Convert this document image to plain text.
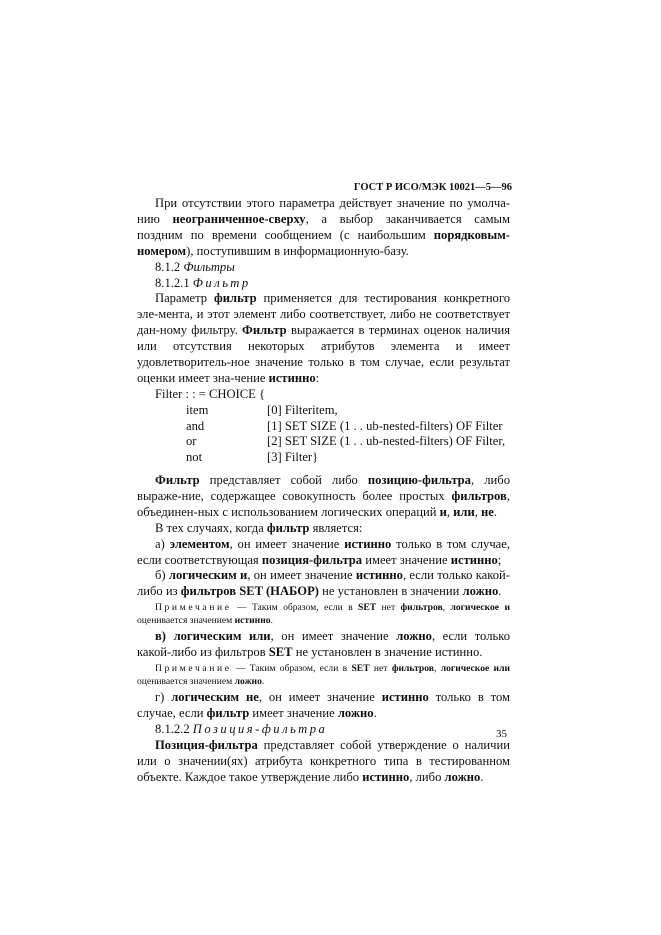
ГОСТ Р ИСО/МЭК 10021—5—96

При отсутствии этого параметра действует значение по умолча-нию неограниченное-сверху, а выбор заканчивается самым поздним по времени сообщением (с наибольшим порядковым-номером), поступившим в информационную-базу.

8.1.2 Фильтры

8.1.2.1 Фильтр

Параметр фильтр применяется для тестирования конкретного эле-мента, и этот элемент либо соответствует, либо не соответствует дан-ному фильтру. Фильтр выражается в терминах оценок наличия или отсутствия некоторых атрибутов элемента и имеет удовлетворитель-ное значение только в том случае, если результат оценки имеет зна-чение истинно:

Filter : : = CHOICE {
item	[0] Filteritem,
and	[1] SET SIZE (1 . . ub-nested-filters) OF Filter
or	[2] SET SIZE (1 . . ub-nested-filters) OF Filter,
not	[3] Filter}

Фильтр представляет собой либо позицию-фильтра, либо выраже-ние, содержащее совокупность более простых фильтров, объединен-ных с использованием логических операций и, или, не.

В тех случаях, когда фильтр является:

а) элементом, он имеет значение истинно только в том случае, если соответствующая позиция-фильтра имеет значение истинно;

б) логическим и, он имеет значение истинно, если только какой-либо из фильтров SET (НАБОР) не установлен в значении ложно.

Примечание — Таким образом, если в SET нет фильтров, логическое и оценивается значением истинно.

в) логическим или, он имеет значение ложно, если только какой-либо из фильтров SET не установлен в значение истинно.

Примечание — Таким образом, если в SET нет фильтров, логическое или оценивается значением ложно.

г) логическим не, он имеет значение истинно только в том случае, если фильтр имеет значение ложно.

8.1.2.2 Позиция-фильтра

Позиция-фильтра представляет собой утверждение о наличии или о значении(ях) атрибута конкретного типа в тестированном объекте. Каждое такое утверждение либо истинно, либо ложно.

35
